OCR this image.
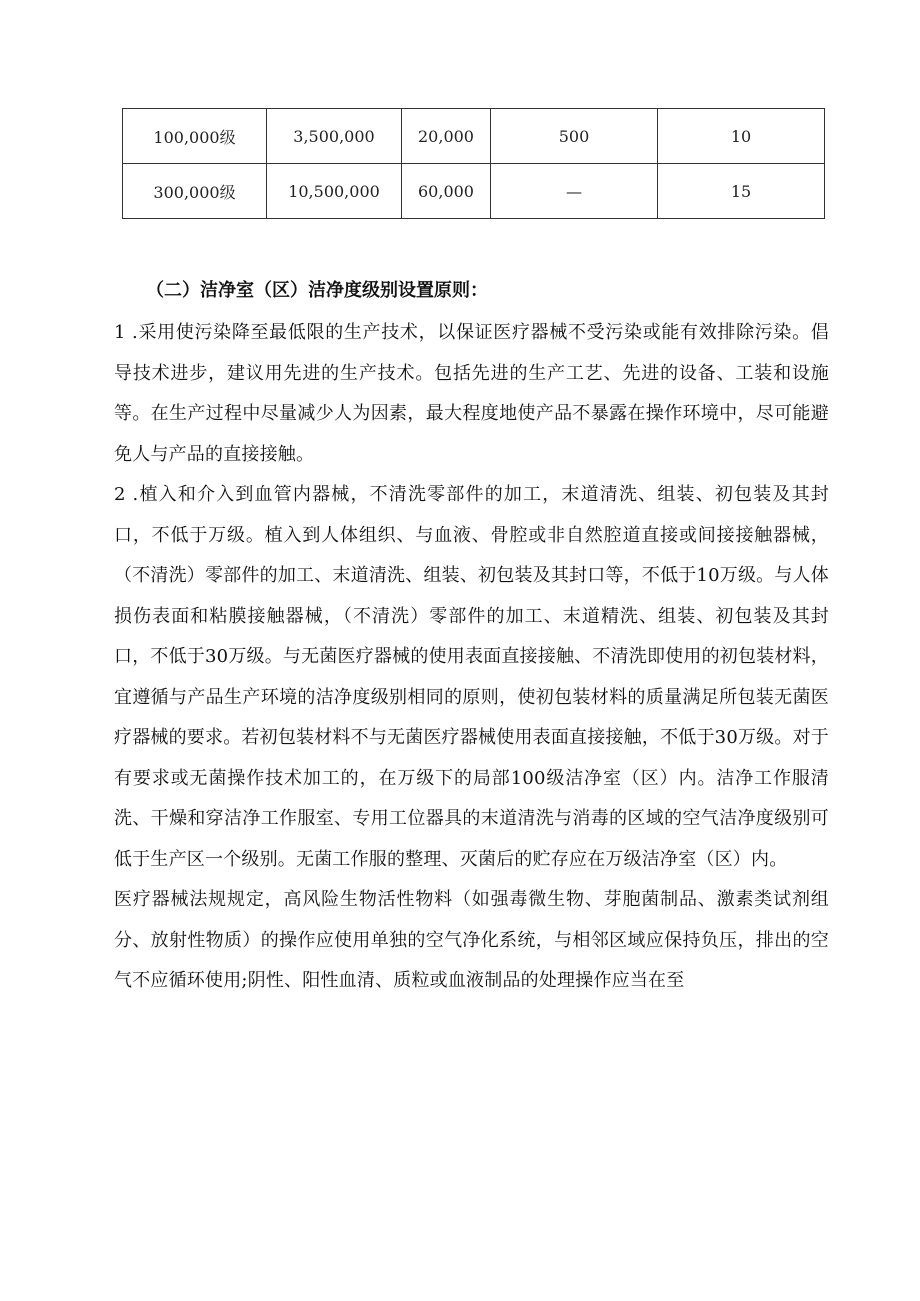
100,000级	3,500,000	20,000	500	10
300,000级	10,500,000	60,000	—	15
（二）洁净室（区）洁净度级别设置原则：

1 .采用使污染降至最低限的生产技术，以保证医疗器械不受污染或能有效排除污染。倡导技术进步，建议用先进的生产技术。包括先进的生产工艺、先进的设备、工装和设施等。在生产过程中尽量减少人为因素，最大程度地使产品不暴露在操作环境中，尽可能避免人与产品的直接接触。

2 .植入和介入到血管内器械，不清洗零部件的加工，末道清洗、组装、初包装及其封口，不低于万级。植入到人体组织、与血液、骨腔或非自然腔道直接或间接接触器械，（不清洗）零部件的加工、末道清洗、组装、初包装及其封口等，不低于10万级。与人体损伤表面和粘膜接触器械，（不清洗）零部件的加工、末道精洗、组装、初包装及其封口，不低于30万级。与无菌医疗器械的使用表面直接接触、不清洗即使用的初包装材料，宜遵循与产品生产环境的洁净度级别相同的原则，使初包装材料的质量满足所包装无菌医疗器械的要求。若初包装材料不与无菌医疗器械使用表面直接接触，不低于30万级。对于有要求或无菌操作技术加工的，在万级下的局部100级洁净室（区）内。洁净工作服清洗、干燥和穿洁净工作服室、专用工位器具的末道清洗与消毒的区域的空气洁净度级别可低于生产区一个级别。无菌工作服的整理、灭菌后的贮存应在万级洁净室（区）内。

医疗器械法规规定，高风险生物活性物料（如强毒微生物、芽胞菌制品、激素类试剂组分、放射性物质）的操作应使用单独的空气净化系统，与相邻区域应保持负压，排出的空气不应循环使用;阴性、阳性血清、质粒或血液制品的处理操作应当在至
